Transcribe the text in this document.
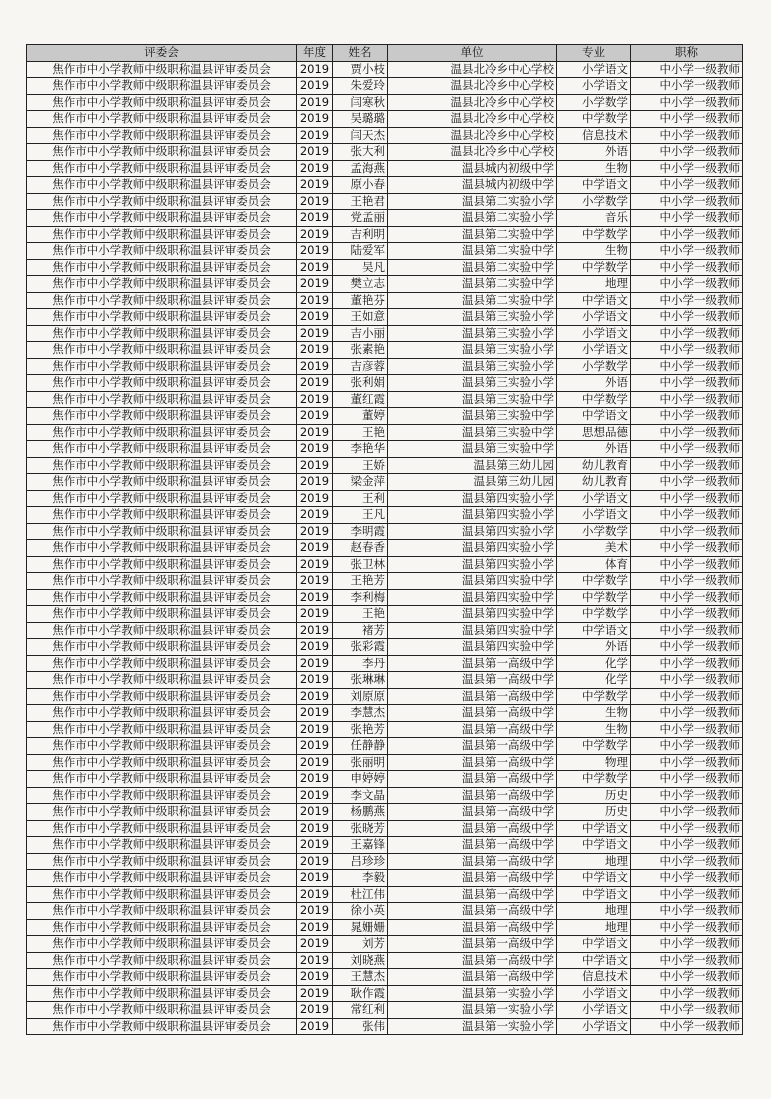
评委会	年度	姓名	单位	专业	职称
焦作市中小学教师中级职称温县评审委员会	2019	贾小枝	温县北冷乡中心学校	小学语文	中小学一级教师
焦作市中小学教师中级职称温县评审委员会	2019	朱爱玲	温县北冷乡中心学校	小学语文	中小学一级教师
焦作市中小学教师中级职称温县评审委员会	2019	闫寒秋	温县北冷乡中心学校	小学数学	中小学一级教师
焦作市中小学教师中级职称温县评审委员会	2019	吴璐璐	温县北冷乡中心学校	中学数学	中小学一级教师
焦作市中小学教师中级职称温县评审委员会	2019	闫天杰	温县北冷乡中心学校	信息技术	中小学一级教师
焦作市中小学教师中级职称温县评审委员会	2019	张大利	温县北冷乡中心学校	外语	中小学一级教师
焦作市中小学教师中级职称温县评审委员会	2019	孟海燕	温县城内初级中学	生物	中小学一级教师
焦作市中小学教师中级职称温县评审委员会	2019	原小春	温县城内初级中学	中学语文	中小学一级教师
焦作市中小学教师中级职称温县评审委员会	2019	王艳君	温县第二实验小学	小学数学	中小学一级教师
焦作市中小学教师中级职称温县评审委员会	2019	党孟丽	温县第二实验小学	音乐	中小学一级教师
焦作市中小学教师中级职称温县评审委员会	2019	吉利明	温县第二实验中学	中学数学	中小学一级教师
焦作市中小学教师中级职称温县评审委员会	2019	陆爱军	温县第二实验中学	生物	中小学一级教师
焦作市中小学教师中级职称温县评审委员会	2019	吴凡	温县第二实验中学	中学数学	中小学一级教师
焦作市中小学教师中级职称温县评审委员会	2019	樊立志	温县第二实验中学	地理	中小学一级教师
焦作市中小学教师中级职称温县评审委员会	2019	董艳芬	温县第二实验中学	中学语文	中小学一级教师
焦作市中小学教师中级职称温县评审委员会	2019	王如意	温县第三实验小学	小学语文	中小学一级教师
焦作市中小学教师中级职称温县评审委员会	2019	吉小丽	温县第三实验小学	小学语文	中小学一级教师
焦作市中小学教师中级职称温县评审委员会	2019	张素艳	温县第三实验小学	小学语文	中小学一级教师
焦作市中小学教师中级职称温县评审委员会	2019	吉彦蓉	温县第三实验小学	小学数学	中小学一级教师
焦作市中小学教师中级职称温县评审委员会	2019	张利娟	温县第三实验小学	外语	中小学一级教师
焦作市中小学教师中级职称温县评审委员会	2019	董红霞	温县第三实验中学	中学数学	中小学一级教师
焦作市中小学教师中级职称温县评审委员会	2019	董婷	温县第三实验中学	中学语文	中小学一级教师
焦作市中小学教师中级职称温县评审委员会	2019	王艳	温县第三实验中学	思想品德	中小学一级教师
焦作市中小学教师中级职称温县评审委员会	2019	李艳华	温县第三实验中学	外语	中小学一级教师
焦作市中小学教师中级职称温县评审委员会	2019	王娇	温县第三幼儿园	幼儿教育	中小学一级教师
焦作市中小学教师中级职称温县评审委员会	2019	梁金萍	温县第三幼儿园	幼儿教育	中小学一级教师
焦作市中小学教师中级职称温县评审委员会	2019	王利	温县第四实验小学	小学语文	中小学一级教师
焦作市中小学教师中级职称温县评审委员会	2019	王凡	温县第四实验小学	小学语文	中小学一级教师
焦作市中小学教师中级职称温县评审委员会	2019	李明霞	温县第四实验小学	小学数学	中小学一级教师
焦作市中小学教师中级职称温县评审委员会	2019	赵春香	温县第四实验小学	美术	中小学一级教师
焦作市中小学教师中级职称温县评审委员会	2019	张卫林	温县第四实验小学	体育	中小学一级教师
焦作市中小学教师中级职称温县评审委员会	2019	王艳芳	温县第四实验中学	中学数学	中小学一级教师
焦作市中小学教师中级职称温县评审委员会	2019	李利梅	温县第四实验中学	中学数学	中小学一级教师
焦作市中小学教师中级职称温县评审委员会	2019	王艳	温县第四实验中学	中学数学	中小学一级教师
焦作市中小学教师中级职称温县评审委员会	2019	褚芳	温县第四实验中学	中学语文	中小学一级教师
焦作市中小学教师中级职称温县评审委员会	2019	张彩霞	温县第四实验中学	外语	中小学一级教师
焦作市中小学教师中级职称温县评审委员会	2019	李丹	温县第一高级中学	化学	中小学一级教师
焦作市中小学教师中级职称温县评审委员会	2019	张琳琳	温县第一高级中学	化学	中小学一级教师
焦作市中小学教师中级职称温县评审委员会	2019	刘原原	温县第一高级中学	中学数学	中小学一级教师
焦作市中小学教师中级职称温县评审委员会	2019	李慧杰	温县第一高级中学	生物	中小学一级教师
焦作市中小学教师中级职称温县评审委员会	2019	张艳芳	温县第一高级中学	生物	中小学一级教师
焦作市中小学教师中级职称温县评审委员会	2019	任静静	温县第一高级中学	中学数学	中小学一级教师
焦作市中小学教师中级职称温县评审委员会	2019	张丽明	温县第一高级中学	物理	中小学一级教师
焦作市中小学教师中级职称温县评审委员会	2019	申婷婷	温县第一高级中学	中学数学	中小学一级教师
焦作市中小学教师中级职称温县评审委员会	2019	李文晶	温县第一高级中学	历史	中小学一级教师
焦作市中小学教师中级职称温县评审委员会	2019	杨鹏燕	温县第一高级中学	历史	中小学一级教师
焦作市中小学教师中级职称温县评审委员会	2019	张晓芳	温县第一高级中学	中学语文	中小学一级教师
焦作市中小学教师中级职称温县评审委员会	2019	王嘉锋	温县第一高级中学	中学语文	中小学一级教师
焦作市中小学教师中级职称温县评审委员会	2019	吕珍珍	温县第一高级中学	地理	中小学一级教师
焦作市中小学教师中级职称温县评审委员会	2019	李毅	温县第一高级中学	中学语文	中小学一级教师
焦作市中小学教师中级职称温县评审委员会	2019	杜江伟	温县第一高级中学	中学语文	中小学一级教师
焦作市中小学教师中级职称温县评审委员会	2019	徐小英	温县第一高级中学	地理	中小学一级教师
焦作市中小学教师中级职称温县评审委员会	2019	晁姗姗	温县第一高级中学	地理	中小学一级教师
焦作市中小学教师中级职称温县评审委员会	2019	刘芳	温县第一高级中学	中学语文	中小学一级教师
焦作市中小学教师中级职称温县评审委员会	2019	刘晓燕	温县第一高级中学	中学语文	中小学一级教师
焦作市中小学教师中级职称温县评审委员会	2019	王慧杰	温县第一高级中学	信息技术	中小学一级教师
焦作市中小学教师中级职称温县评审委员会	2019	耿作霞	温县第一实验小学	小学语文	中小学一级教师
焦作市中小学教师中级职称温县评审委员会	2019	常红利	温县第一实验小学	小学语文	中小学一级教师
焦作市中小学教师中级职称温县评审委员会	2019	张伟	温县第一实验小学	小学语文	中小学一级教师
